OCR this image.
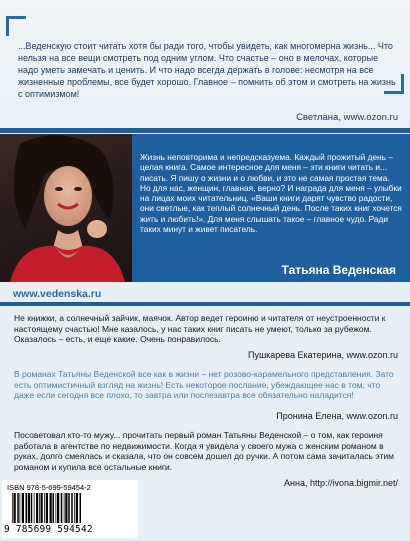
...Веденскую стоит читать хотя бы ради того, чтобы увидеть, как многомерна жизнь... Что нельзя на все вещи смотреть под одним углом. Что счастье – оно в мелочах, которые надо уметь замечать и ценить. И что надо всегда держать в голове: несмотря на все жизненные проблемы, все будет хорошо. Главное – помнить об этом и смотреть на жизнь с оптимизмом!

Светлана, www.ozon.ru

Жизнь неповторима и непредсказуема. Каждый прожитый день – целая книга. Самое интересное для меня – эти книги читать и... писать. Я пишу о жизни и о любви, и это не самая простая тема. Но для нас, женщин, главная, верно? И наградa для меня – улыбки на лицах моих читательниц. «Ваши книги дарят чувство радости, они светлые, как теплый солнечный день. После таких книг хочется жить и любить!». Для меня слышать такое – главное чудо. Ради таких минут и живет писатель.

Татьяна Веденская
www.vedenska.ru

Не книжки, а солнечный зайчик, маячок. Автор ведет героиню и читателя от неустроенности к настоящему счастью! Мне казалось, у нас таких книг писать не умеют, только за рубежом. Оказалось – есть, и еще какие. Очень понравилось.

Пушкарева Екатерина, www.ozon.ru

В романах Татьяны Веденской все как в жизни – нет розово-карамельного представления. Зато есть оптимистичный взгляд на жизнь! Есть некоторое послание, убеждающее нас в том, что даже если сегодня все плохо, то завтра или послезавтра все обязательно наладится!

Пронина Елена, www.ozon.ru

Посоветовал кто-то мужу... прочитать первый роман Татьяны Веденской – о том, как героиня работала в агентстве по недвижимости. Когда я увидела у своего мужа с женским романом в руках, долго смеялась и сказала, что он совсем дошел до ручки. А потом сама зачиталась этим романом и купила все остальные книги.

Анна, http://ivona.bigmir.net/
ISBN 978-5-699-59454-2
9 785699 594542
